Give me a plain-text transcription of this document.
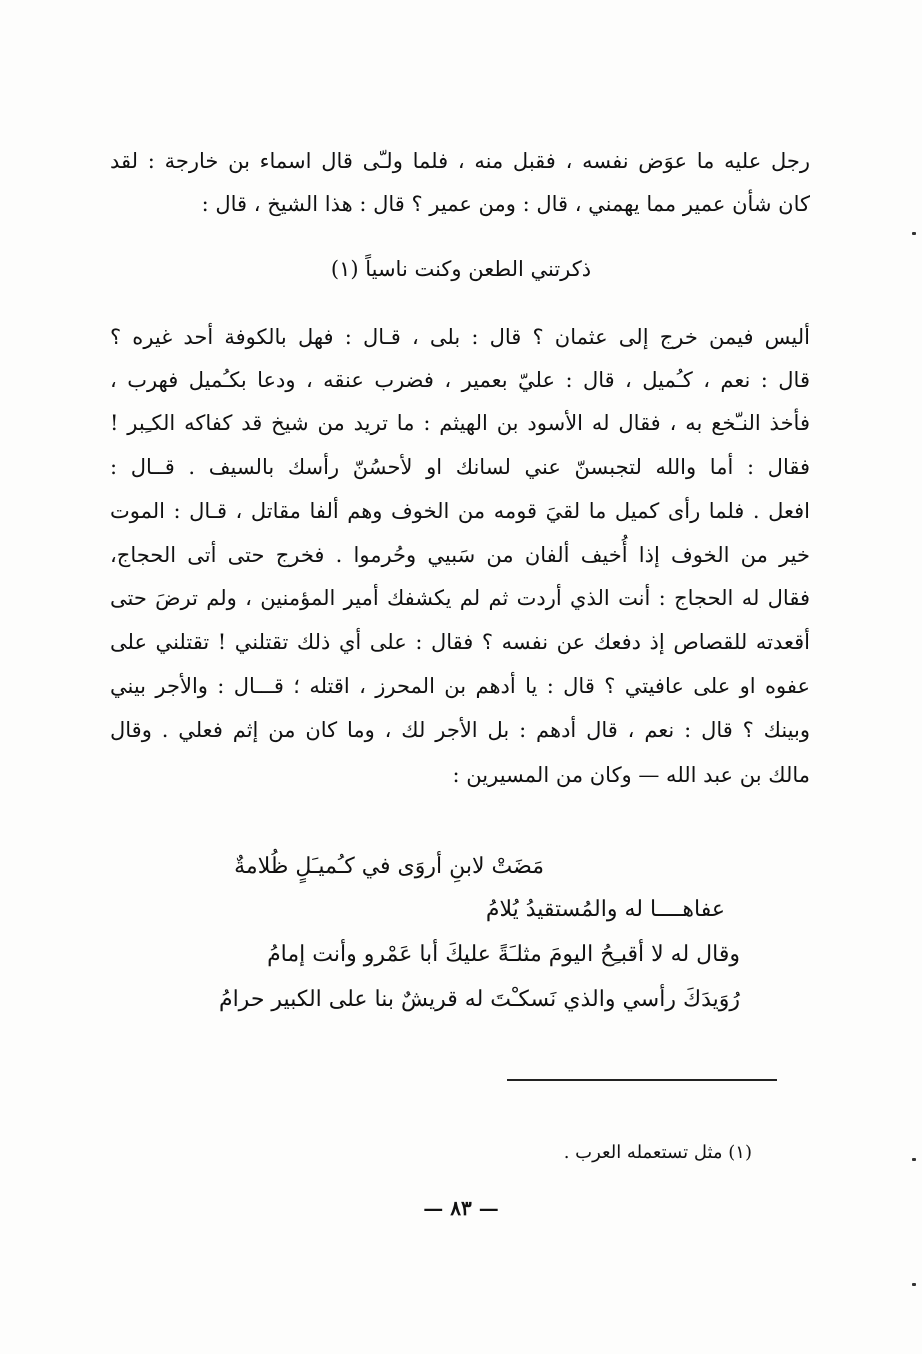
رجل عليه ما عوَض نفسه ، فقبل منه ، فلما ولـّى قال اسماء بن خارجة : لقد
كان شأن عمير مما يهمني ، قال : ومن عمير ؟ قال : هذا الشيخ ، قال :
ذكرتني الطعن وكنت ناسياً (١)
أليس فيمن خرج إلى عثمان ؟ قال : بلى ، قـال : فهل بالكوفة أحد غيره ؟
قال : نعم ، كـُميل ، قال : عليّ بعمير ، فضرب عنقه ، ودعا بكـُميل فهرب ،
فأخذ النـّخع به ، فقال له الأسود بن الهيثم : ما تريد من شيخ قد كفاكه الكـِبر !
فقال : أما والله لتجبسنّ عني لسانك او لأحسُنّ رأسك بالسيف . قــال :
افعل . فلما رأى كميل ما لقيَ قومه من الخوف وهم ألفا مقاتل ، قـال : الموت
خير من الخوف إذا أُخيف ألفان من سَبيي وحُرموا . فخرج حتى أتى الحجاج،
فقال له الحجاج : أنت الذي أردت ثم لم يكشفك أمير المؤمنين ، ولم ترضَ حتى
أقعدته للقصاص إذ دفعك عن نفسه ؟ فقال : على أي ذلك تقتلني ! تقتلني على
عفوه او على عافيتي ؟ قال : يا أدهم بن المحرز ، اقتله ؛ قـــال : والأجر بيني
وبينك ؟ قال : نعم ، قال أدهم : بل الأجر لك ، وما كان من إثم فعلي . وقال
مالك بن عبد الله — وكان من المسيرين :
مَضَتْ لابنِ أروَى في كـُميـَلٍ ظُلامةٌ
عفاهــــا له والمُستقيدُ يُلامُ
وقال له لا أقبـِحُ اليومَ مثلـَةً عليكَ أبا عَمْرو وأنت إمامُ
رُوَيدَكَ رأسي والذي نَسكـْتَ له قريشٌ بنا على الكبير حرامُ
(١) مثل تستعمله العرب .
— ٨٣ —
